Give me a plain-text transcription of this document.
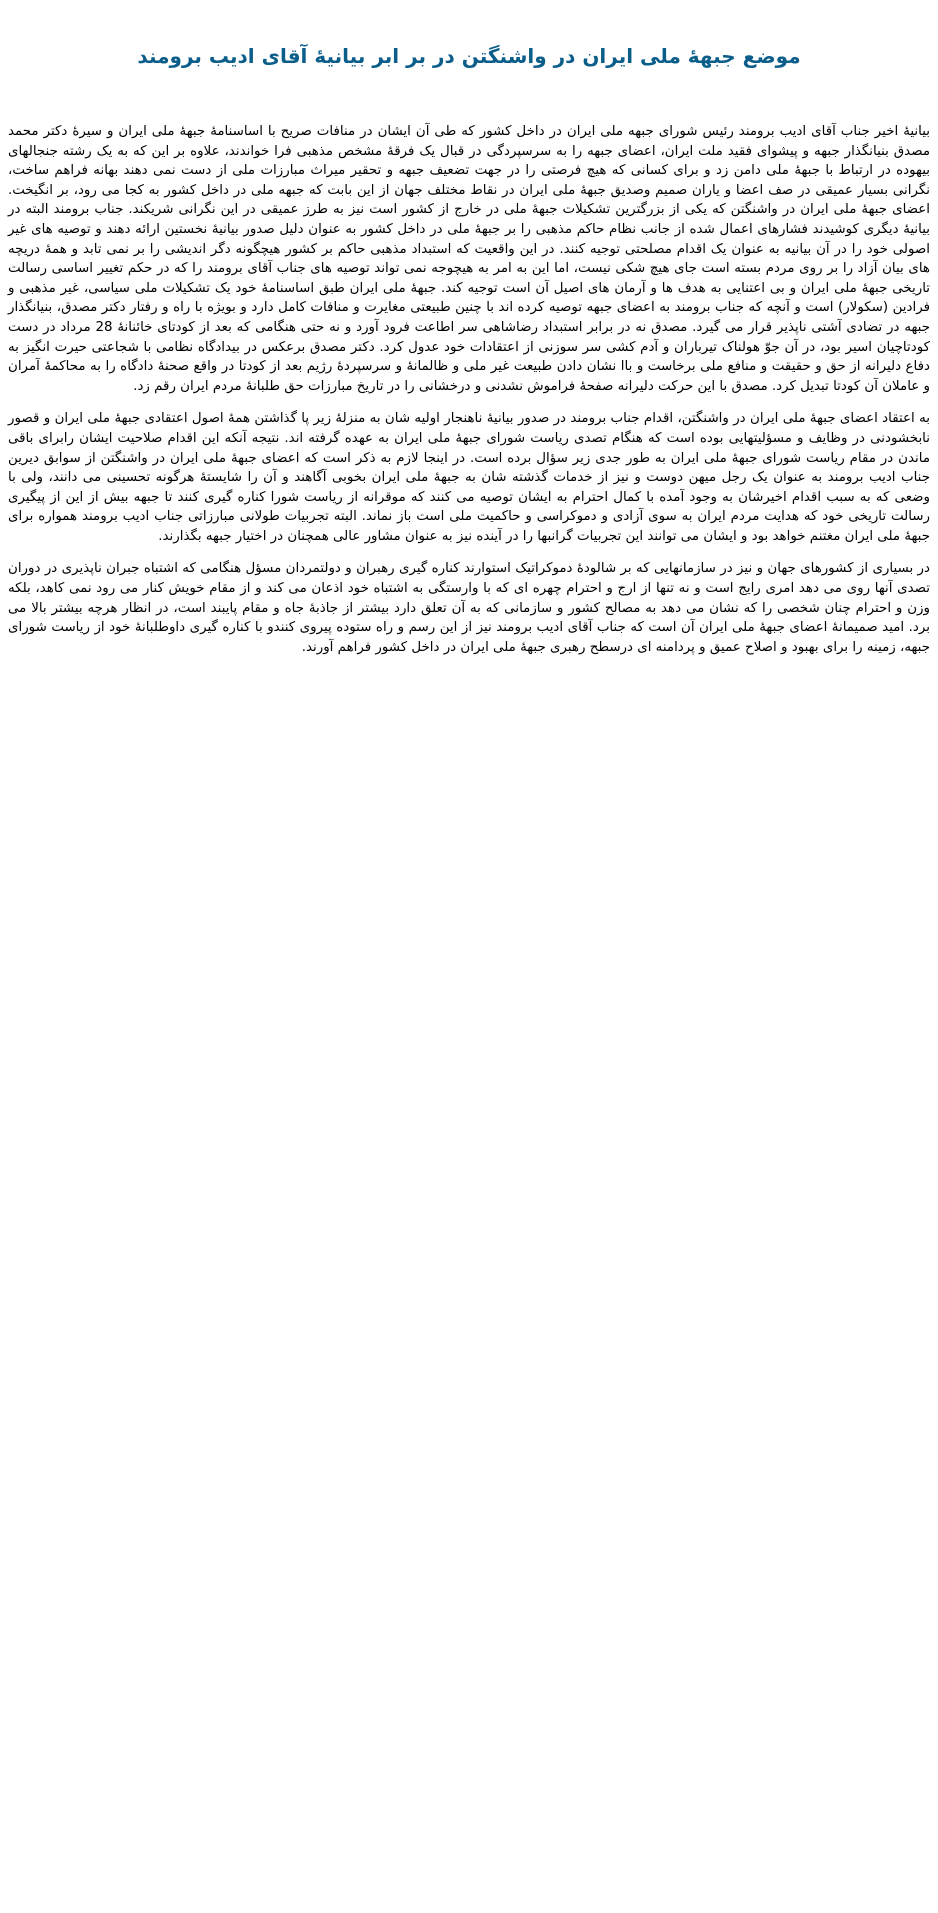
موضع جبههٔ ملی ایران در واشنگتن در بر ابر بیانیهٔ آقای ادیب برومند

بیانیهٔ اخیر جناب آقای ادیب برومند رئیس شورای جبهه ملی ایران در داخل کشور که طی آن ایشان در منافات صریح با اساسنامهٔ جبههٔ ملی ایران و سیرهٔ دکتر محمد مصدق بنیانگذار جبهه و پیشوای فقید ملت ایران، اعضای جبهه را به سرسپردگی در قبال یک فرقهٔ مشخص مذهبی فرا خواندند، علاوه بر این که به یک رشته جنجالهای بیهوده در ارتباط با جبههٔ ملی دامن زد و برای کسانی که هیچ فرصتی را در جهت تضعیف جبهه و تحقیر میراث مبارزات ملی از دست نمی دهند بهانه فراهم ساخت، نگرانی بسیار عمیقی در صف اعضا و یاران صمیم وصدیق جبههٔ ملی ایران در نقاط مختلف جهان از این بابت که جبهه ملی در داخل کشور به کجا می رود، بر انگیخت. اعضای جبههٔ ملی ایران در واشنگتن که یکی از بزرگترین تشکیلات جبههٔ ملی در خارج از کشور است نیز به طرز عمیقی در این نگرانی شریکند. جناب برومند البته در بیانیهٔ دیگری کوشیدند فشارهای اعمال شده از جانب نظام حاکم مذهبی را بر جبههٔ ملی در داخل کشور به عنوان دلیل صدور بیانیهٔ نخستین ارائه دهند و توصیه های غیر اصولی خود را در آن بیانیه به عنوان یک اقدام مصلحتی توجیه کنند. در این واقعیت که استبداد مذهبی حاکم بر کشور هیچگونه دگر اندیشی را بر نمی تابد و همهٔ دریچه های بیان آزاد را بر روی مردم بسته است جای هیچ شکی نیست، اما این به امر به هیچوجه نمی تواند توصیه های جناب آقای برومند را که در حکم تغییر اساسی رسالت تاریخی جبههٔ ملی ایران و بی اعتنایی به هدف ها و آرمان های اصیل آن است توجیه کند. جبههٔ ملی ایران طبق اساسنامهٔ خود یک تشکیلات ملی سیاسی، غیر مذهبی و فرادین (سکولار) است و آنچه که جناب برومند به اعضای جبهه توصیه کرده اند با چنین طبیعتی مغایرت و منافات کامل دارد و بویژه با راه و رفتار دکتر مصدق، بنیانگذار جبهه در تضادی آشتی ناپذیر قرار می گیرد. مصدق نه در برابر استبداد رضاشاهی سر اطاعت فرود آورد و نه حتی هنگامی که بعد از کودتای خائنانهٔ 28 مرداد در دست کودتاچیان اسیر بود، در آن جوّ هولناک تیرباران و آدم کشی سر سوزنی از اعتقادات خود عدول کرد. دکتر مصدق برعکس در بیدادگاه نظامی با شجاعتی حیرت انگیز به دفاع دلیرانه از حق و حقیقت و منافع ملی برخاست و باا نشان دادن طبیعت غیر ملی و ظالمانهٔ و سرسپردهٔ رژیم بعد از کودتا در واقع صحنهٔ دادگاه را به محاکمهٔ آمران و عاملان آن کودتا تبدیل کرد. مصدق با این حرکت دلیرانه صفحهٔ فراموش نشدنی و درخشانی را در تاریخ مبارزات حق طلبانهٔ مردم ایران رقم زد.

به اعتقاد اعضای جبههٔ ملی ایران در واشنگتن، اقدام جناب برومند در صدور بیانیهٔ ناهنجار اولیه شان به منزلهٔ زیر پا گذاشتن همهٔ اصول اعتقادی جبههٔ ملی ایران و قصور نابخشودنی در وظایف و مسؤلیتهایی بوده است که هنگام تصدی ریاست شورای جبههٔ ملی ایران به عهده گرفته اند. نتیجه آنکه این اقدام صلاحیت ایشان رابرای باقی ماندن در مقام ریاست شورای جبههٔ ملی ایران به طور جدی زیر سؤال برده است. در اینجا لازم به ذکر است که اعضای جبههٔ ملی ایران در واشنگتن از سوابق دیرین جناب ادیب برومند به عنوان یک رجل میهن دوست و نیز از خدمات گذشته شان به جبههٔ ملی ایران بخوبی آگاهند و آن را شایستهٔ هرگونه تحسینی می دانند، ولی با وضعی که به سبب اقدام اخیرشان به وجود آمده با کمال احترام به ایشان توصیه می کنند که موقرانه از ریاست شورا کناره گیری کنند تا جبهه بیش از این از پیگیری رسالت تاریخی خود که هدایت مردم ایران به سوی آزادی و دموکراسی و حاکمیت ملی است باز نماند. البته تجربیات طولانی مبارزاتی جناب ادیب برومند همواره برای جبههٔ ملی ایران مغتنم خواهد بود و ایشان می توانند این تجربیات گرانبها را در آینده نیز به عنوان مشاور عالی همچنان در اختیار جبهه بگذارند.

در بسیاری از کشورهای جهان و نیز در سازمانهایی که بر شالودهٔ دموکراتیک استوارند کناره گیری رهبران و دولتمردان مسؤل هنگامی که اشتباه جبران ناپذیری در دوران تصدی آنها روی می دهد امری رایج است و نه تنها از ارج و احترام چهره ای که با وارستگی به اشتباه خود اذعان می کند و از مقام خویش کنار می رود نمی کاهد، بلکه وزن و احترام چنان شخصی را که نشان می دهد به مصالح کشور و سازمانی که به آن تعلق دارد بیشتر از جاذبهٔ جاه و مقام پایبند است، در انظار هرچه بیشتر بالا می برد. امید صمیمانهٔ اعضای جبههٔ ملی ایران آن است که جناب آقای ادیب برومند نیز از این رسم و راه ستوده پیروی کنندو با کناره گیری داوطلبانهٔ خود از ریاست شورای جبهه، زمینه را برای بهبود و اصلاح عمیق و پردامنه ای درسطح رهبری جبههٔ ملی ایران در داخل کشور فراهم آورند.
